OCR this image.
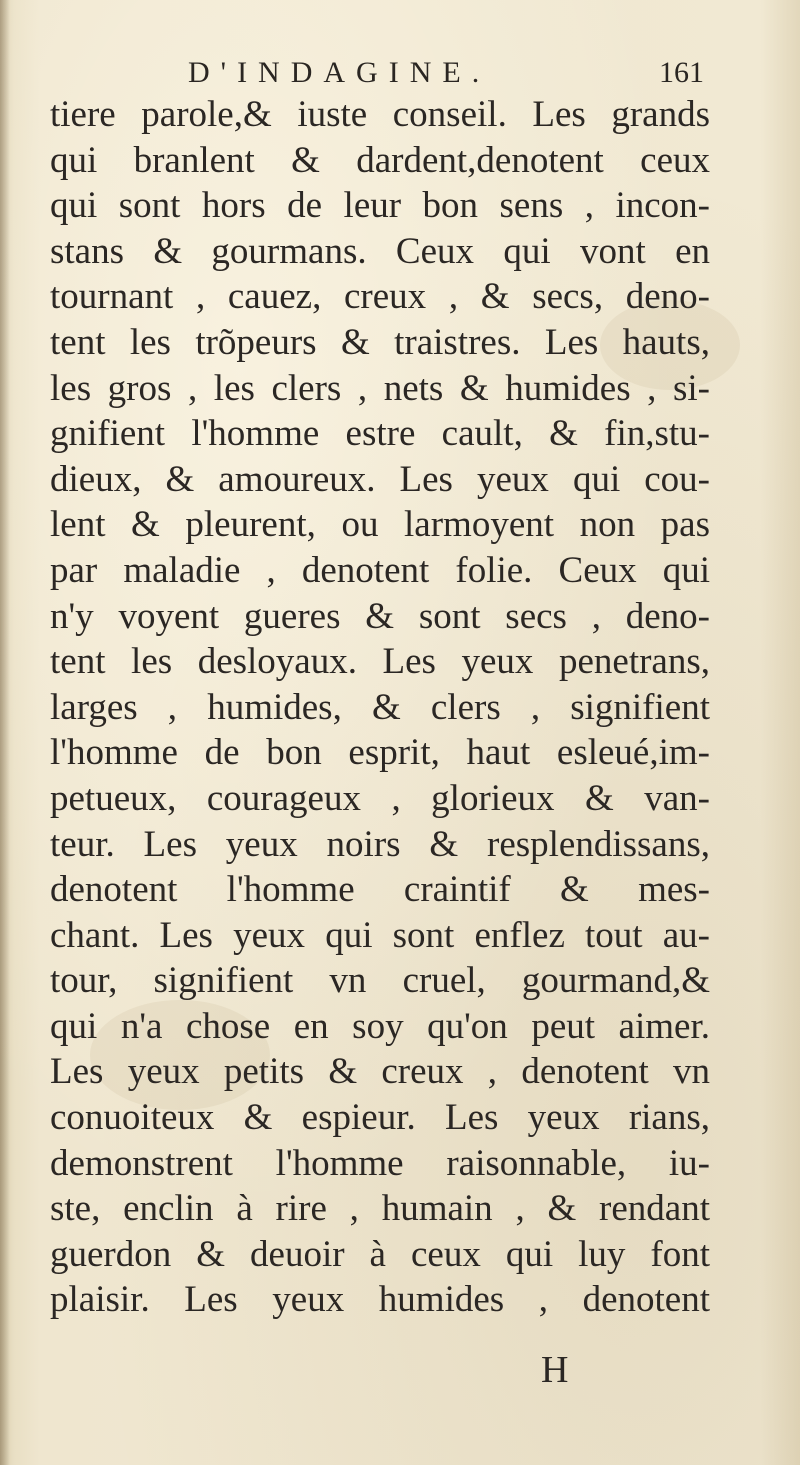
D'INDAGINE.	161
tiere parole,& iuste conseil. Les grands
qui branlent & dardent,denotent ceux
qui sont hors de leur bon sens , incon-
stans & gourmans. Ceux qui vont en
tournant , cauez, creux , & secs, deno-
tent les trõpeurs & traistres. Les hauts,
les gros , les clers , nets & humides , si-
gnifient l'homme estre cault, & fin,stu-
dieux, & amoureux. Les yeux qui cou-
lent & pleurent, ou larmoyent non pas
par maladie , denotent folie. Ceux qui
n'y voyent gueres & sont secs , deno-
tent les desloyaux. Les yeux penetrans,
larges , humides, & clers , signifient
l'homme de bon esprit, haut esleué,im-
petueux, courageux , glorieux & van-
teur. Les yeux noirs & resplendissans,
denotent l'homme craintif & mes-
chant. Les yeux qui sont enflez tout au-
tour, signifient vn cruel, gourmand,&
qui n'a chose en soy qu'on peut aimer.
Les yeux petits & creux , denotent vn
conuoiteux & espieur. Les yeux rians,
demonstrent l'homme raisonnable, iu-
ste, enclin à rire , humain , & rendant
guerdon & deuoir à ceux qui luy font
plaisir. Les yeux humides , denotent
H
